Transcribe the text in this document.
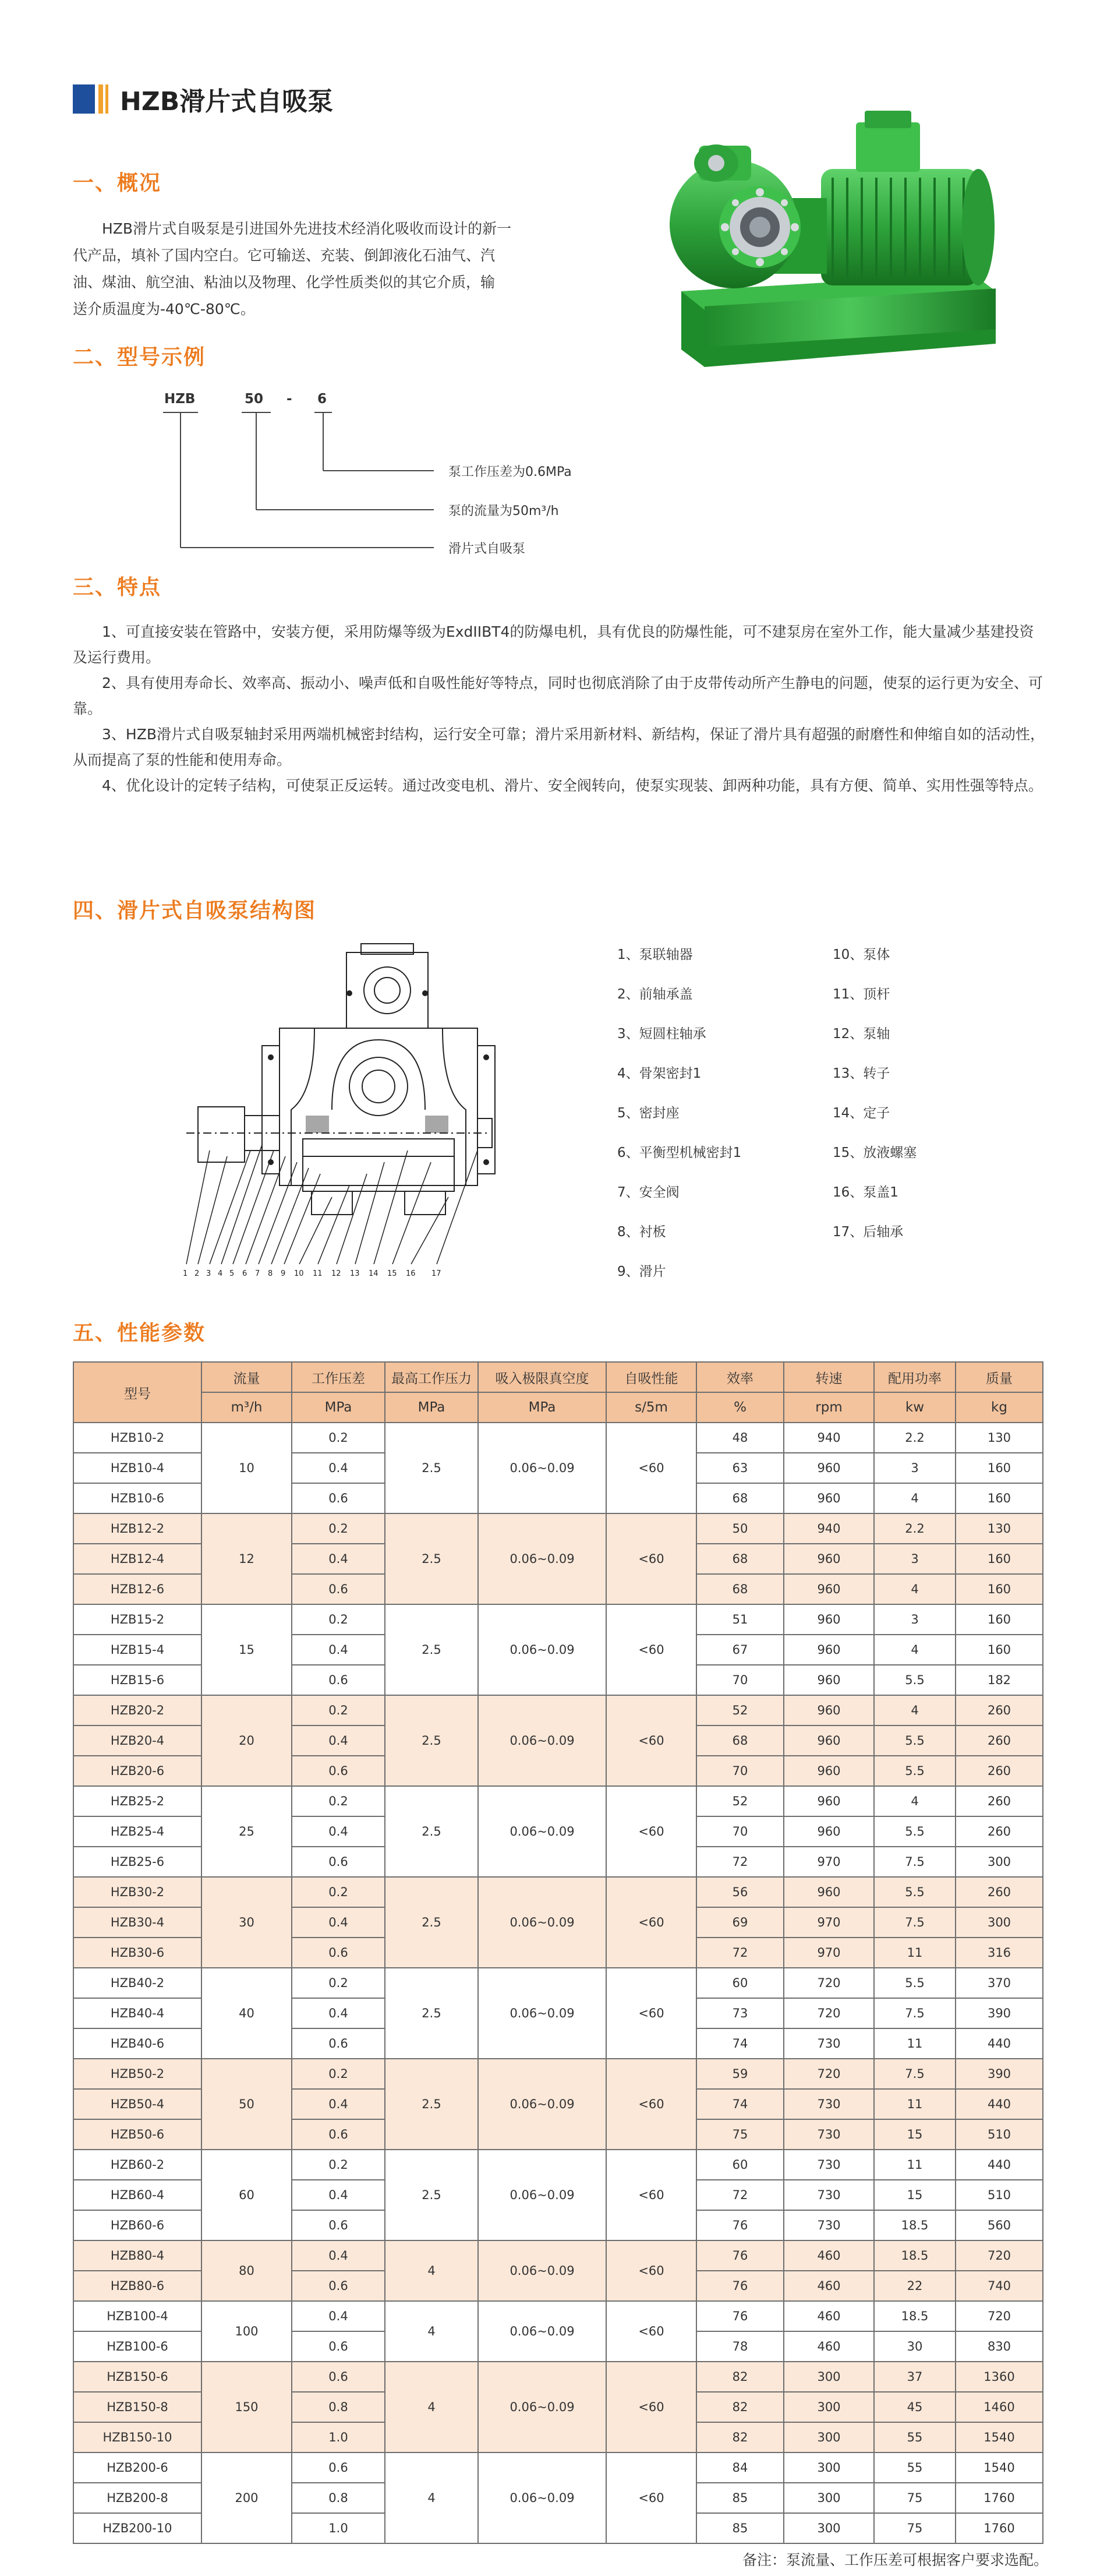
HZB滑片式自吸泵
一、概况
HZB滑片式自吸泵是引进国外先进技术经消化吸收而设计的新一
代产品，填补了国内空白。它可输送、充装、倒卸液化石油气、汽
油、煤油、航空油、粘油以及物理、化学性质类似的其它介质，输
送介质温度为-40℃-80℃。
二、型号示例
HZB	50 - 6
泵工作压差为0.6MPa
泵的流量为50m³/h
滑片式自吸泵
三、特点
1、可直接安装在管路中，安装方便，采用防爆等级为ExdIIBT4的防爆电机，具有优良的防爆性能，可不建泵房在室外工作，能大量减少基建投资及运行费用。
2、具有使用寿命长、效率高、振动小、噪声低和自吸性能好等特点，同时也彻底消除了由于皮带传动所产生静电的问题，使泵的运行更为安全、可靠。
3、HZB滑片式自吸泵轴封采用两端机械密封结构，运行安全可靠；滑片采用新材料、新结构，保证了滑片具有超强的耐磨性和伸缩自如的活动性，从而提高了泵的性能和使用寿命。
4、优化设计的定转子结构，可使泵正反运转。通过改变电机、滑片、安全阀转向，使泵实现装、卸两种功能，具有方便、简单、实用性强等特点。
四、滑片式自吸泵结构图
1 2 3 4 5 6 7 8 9 10 11 12 13 14 15 16 17
1、泵联轴器
2、前轴承盖
3、短圆柱轴承
4、骨架密封1
5、密封座
6、平衡型机械密封1
7、安全阀
8、衬板
9、滑片
10、泵体
11、顶杆
12、泵轴
13、转子
14、定子
15、放液螺塞
16、泵盖1
17、后轴承
五、性能参数
型号	流量	工作压差	最高工作压力	吸入极限真空度	自吸性能	效率	转速	配用功率	质量
	m³/h	MPa	MPa	MPa	s/5m	%	rpm	kw	kg
HZB10-2	10	0.2	2.5	0.06~0.09	<60	48	940	2.2	130
HZB10-4		0.4				63	960	3	160
HZB10-6		0.6				68	960	4	160
HZB12-2	12	0.2	2.5	0.06~0.09	<60	50	940	2.2	130
HZB12-4		0.4				68	960	3	160
HZB12-6		0.6				68	960	4	160
HZB15-2	15	0.2	2.5	0.06~0.09	<60	51	960	3	160
HZB15-4		0.4				67	960	4	160
HZB15-6		0.6				70	960	5.5	182
HZB20-2	20	0.2	2.5	0.06~0.09	<60	52	960	4	260
HZB20-4		0.4				68	960	5.5	260
HZB20-6		0.6				70	960	5.5	260
HZB25-2	25	0.2	2.5	0.06~0.09	<60	52	960	4	260
HZB25-4		0.4				70	960	5.5	260
HZB25-6		0.6				72	970	7.5	300
HZB30-2	30	0.2	2.5	0.06~0.09	<60	56	960	5.5	260
HZB30-4		0.4				69	970	7.5	300
HZB30-6		0.6				72	970	11	316
HZB40-2	40	0.2	2.5	0.06~0.09	<60	60	720	5.5	370
HZB40-4		0.4				73	720	7.5	390
HZB40-6		0.6				74	730	11	440
HZB50-2	50	0.2	2.5	0.06~0.09	<60	59	720	7.5	390
HZB50-4		0.4				74	730	11	440
HZB50-6		0.6				75	730	15	510
HZB60-2	60	0.2	2.5	0.06~0.09	<60	60	730	11	440
HZB60-4		0.4				72	730	15	510
HZB60-6		0.6				76	730	18.5	560
HZB80-4	80	0.4	4	0.06~0.09	<60	76	460	18.5	720
HZB80-6		0.6				76	460	22	740
HZB100-4	100	0.4	4	0.06~0.09	<60	76	460	18.5	720
HZB100-6		0.6				78	460	30	830
HZB150-6	150	0.6	4	0.06~0.09	<60	82	300	37	1360
HZB150-8		0.8				82	300	45	1460
HZB150-10		1.0				82	300	55	1540
HZB200-6	200	0.6	4	0.06~0.09	<60	84	300	55	1540
HZB200-8		0.8				85	300	75	1760
HZB200-10		1.0				85	300	75	1760
备注：泵流量、工作压差可根据客户要求选配。
